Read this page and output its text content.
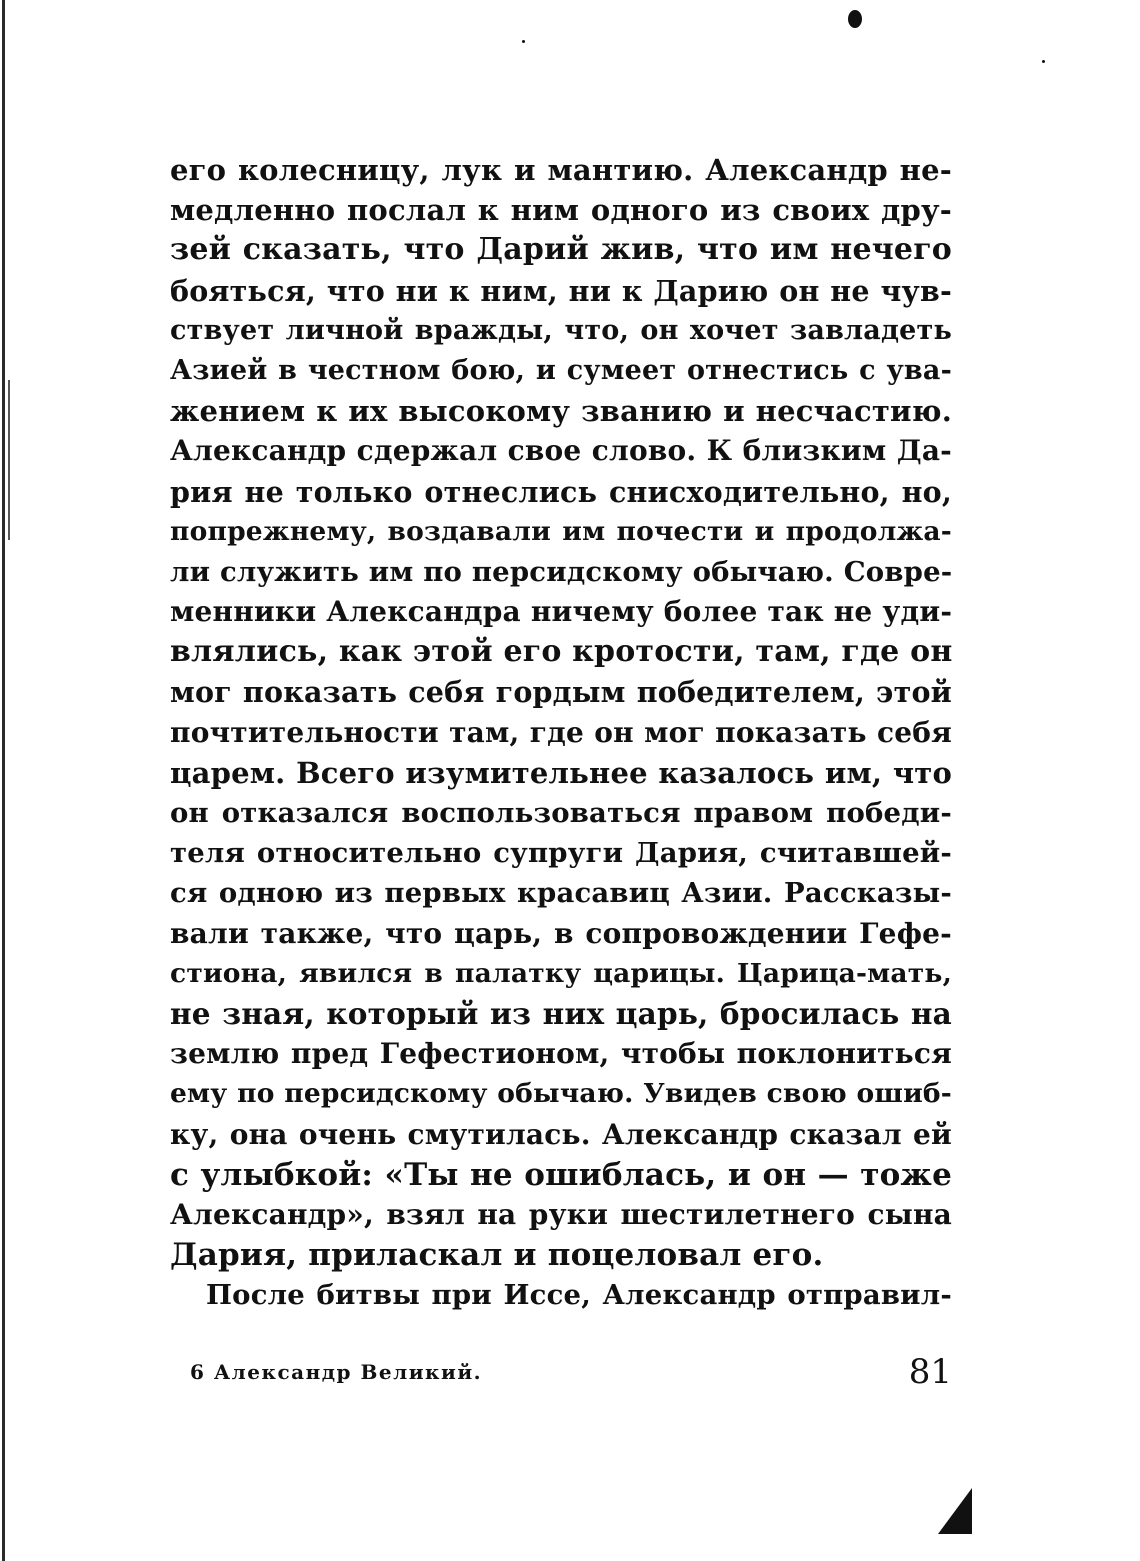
его колесницу, лук и мантию. Александр не-
медленно послал к ним одного из своих дру-
зей сказать, что Дарий жив, что им нечего
бояться, что ни к ним, ни к Дарию он не чув-
ствует личной вражды, что, он хочет завладеть
Азией в честном бою, и сумеет отнестись с ува-
жением к их высокому званию и несчастию.
Александр сдержал свое слово. К близким Да-
рия не только отнеслись снисходительно, но,
попрежнему, воздавали им почести и продолжа-
ли служить им по персидскому обычаю. Совре-
менники Александра ничему более так не уди-
влялись, как этой его кротости, там, где он
мог показать себя гордым победителем, этой
почтительности там, где он мог показать себя
царем. Всего изумительнее казалось им, что
он отказался воспользоваться правом победи-
теля относительно супруги Дария, считавшей-
ся одною из первых красавиц Азии. Рассказы-
вали также, что царь, в сопровождении Гефе-
стиона, явился в палатку царицы. Царица-мать,
не зная, который из них царь, бросилась на
землю пред Гефестионом, чтобы поклониться
ему по персидскому обычаю. Увидев свою ошиб-
ку, она очень смутилась. Александр сказал ей
с улыбкой: «Ты не ошиблась, и он — тоже
Александр», взял на руки шестилетнего сына
Дария, приласкал и поцеловал его.
После битвы при Иссе, Александр отправил-
6 Александр Великий.	81
